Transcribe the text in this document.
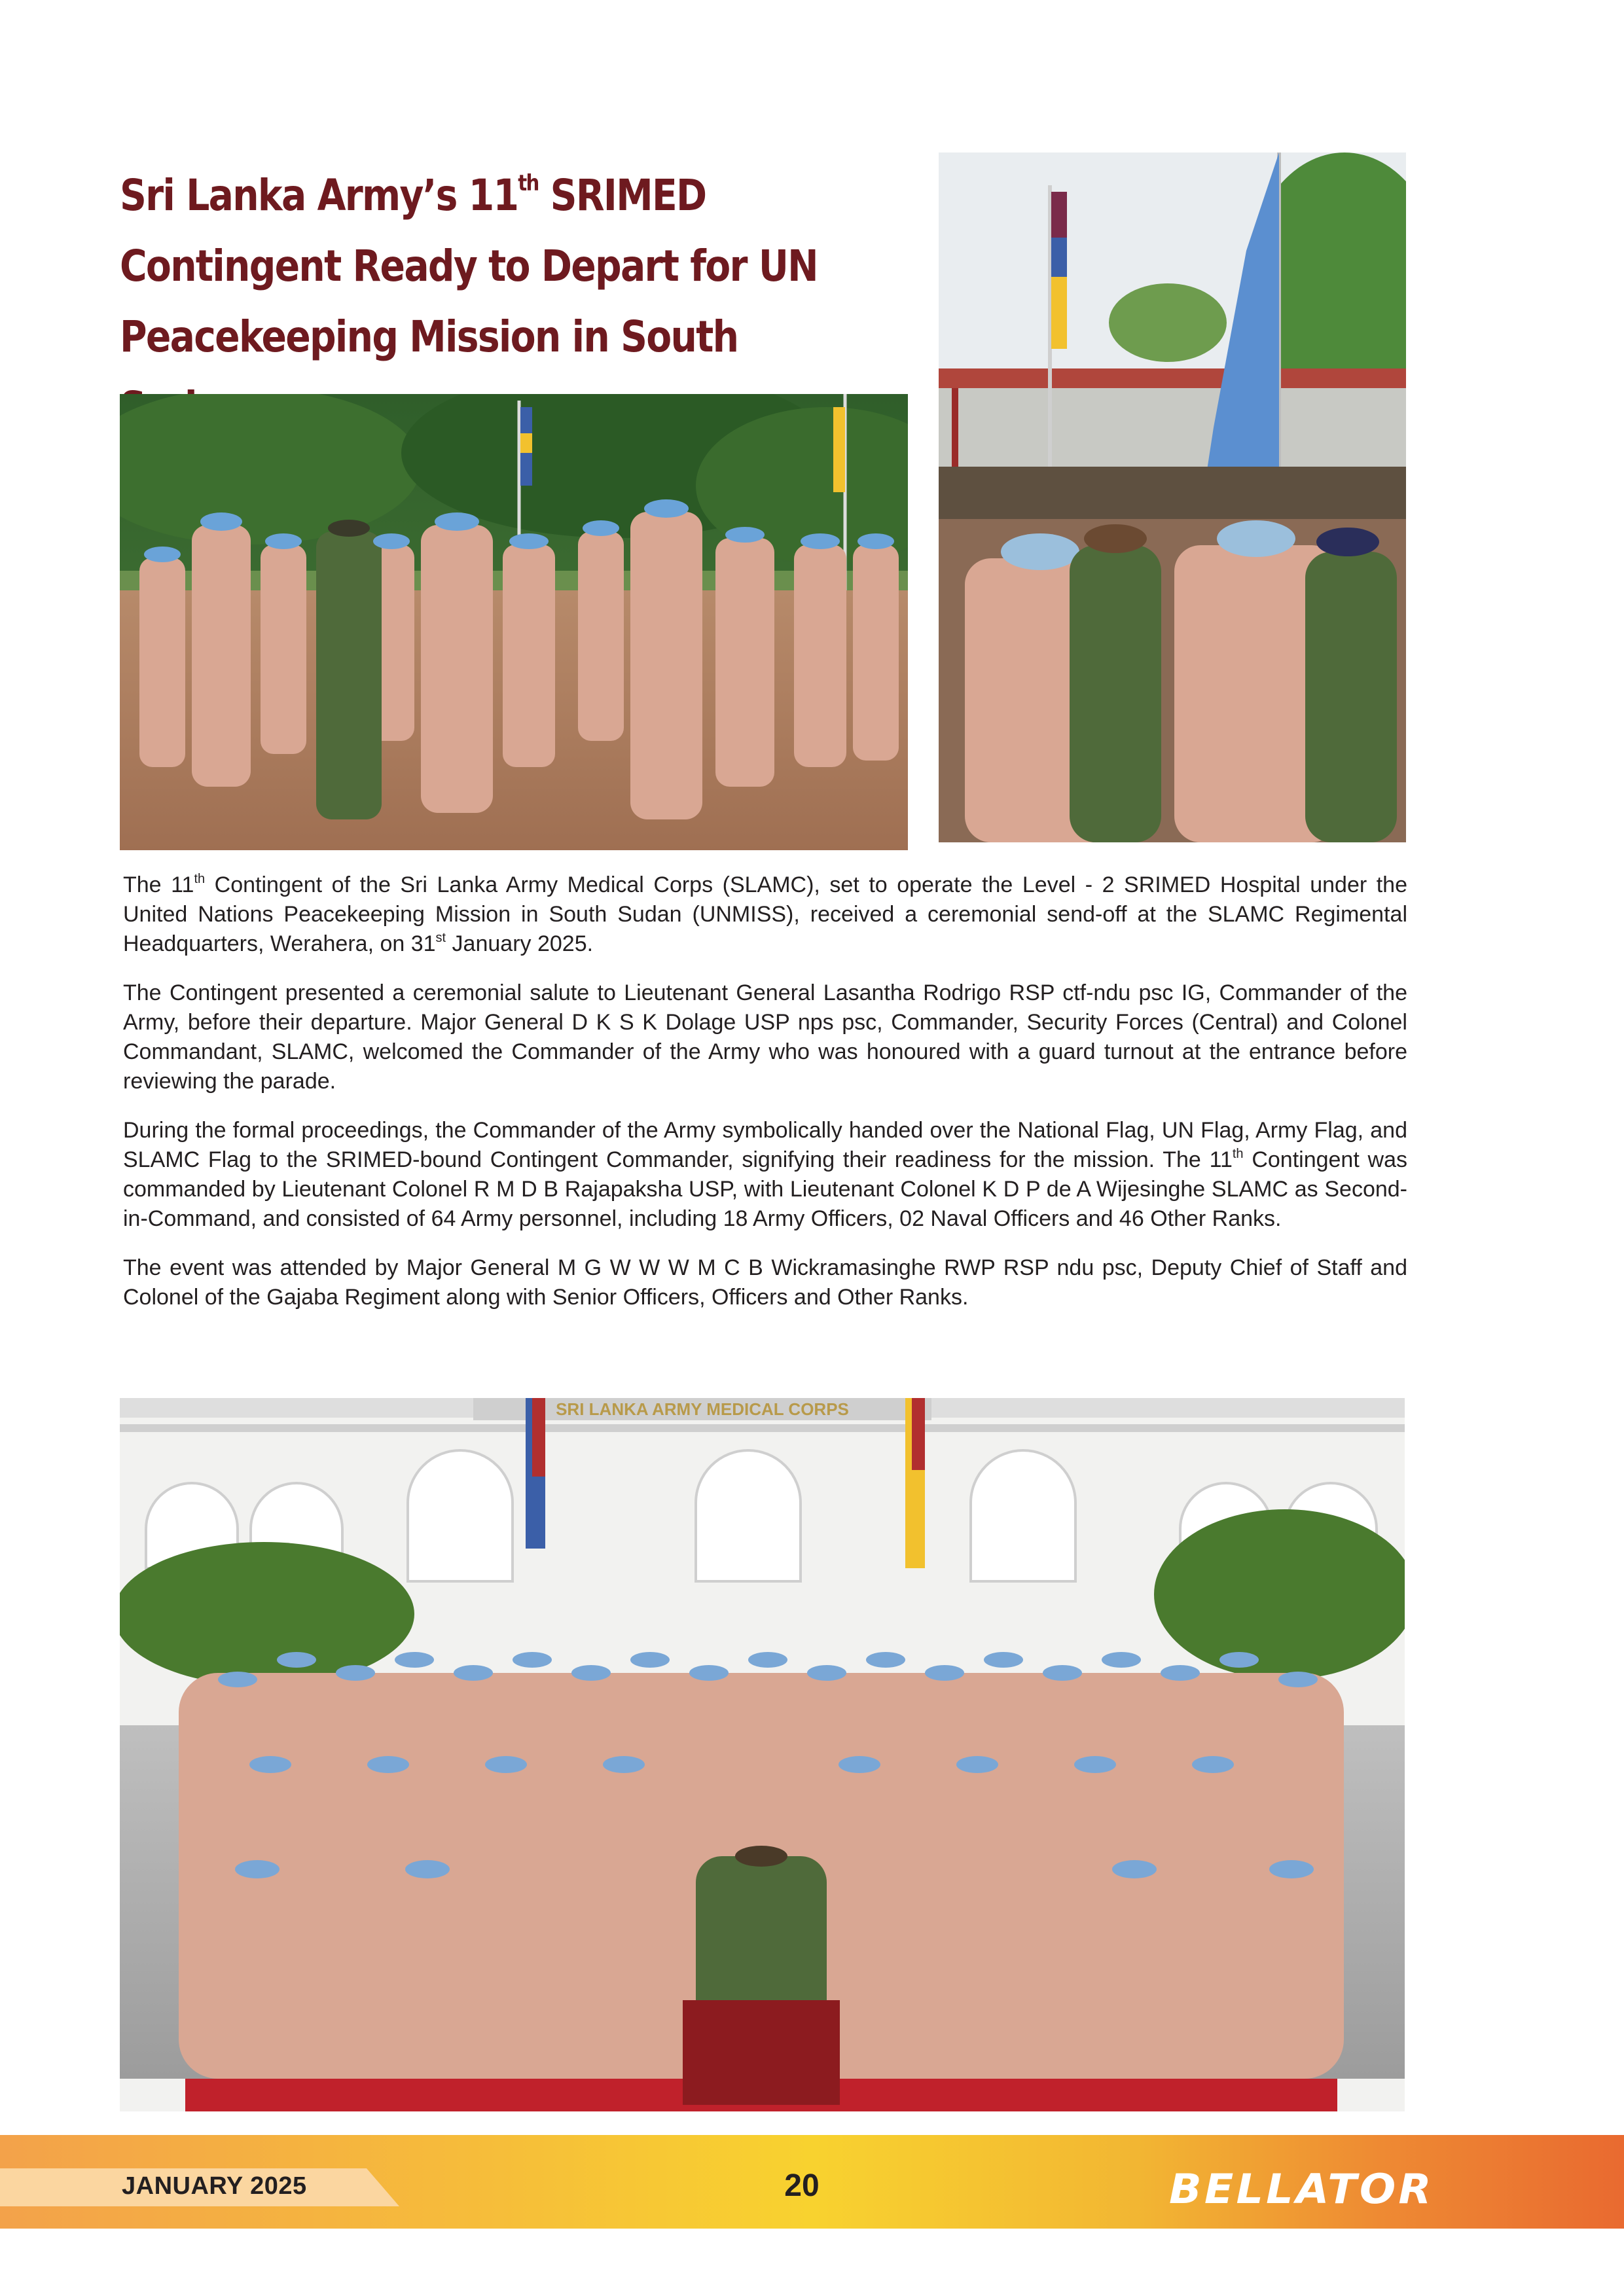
Sri Lanka Army’s 11th SRIMED Contingent Ready to Depart for UN Peacekeeping Mission in South

The 11th Contingent of the Sri Lanka Army Medical Corps (SLAMC), set to operate the Level - 2 SRIMED Hospital under the United Nations Peacekeeping Mission in South Sudan (UNMISS), received a ceremonial send-off at the SLAMC Regimental Headquarters, Werahera, on 31st January 2025.

The Contingent presented a ceremonial salute to Lieutenant General Lasantha Rodrigo RSP ctf-ndu psc IG, Commander of the Army, before their departure. Major General D K S K Dolage USP nps psc, Commander, Security Forces (Central) and Colonel Commandant, SLAMC, welcomed the Commander of the Army who was honoured with a guard turnout at the entrance before reviewing the parade.

During the formal proceedings, the Commander of the Army symbolically handed over the National Flag, UN Flag, Army Flag, and SLAMC Flag to the SRIMED-bound Contingent Commander, signifying their readiness for the mission. The 11th Contingent was commanded by Lieutenant Colonel R M D B Rajapaksha USP, with Lieutenant Colonel K D P de A Wijesinghe SLAMC as Second-in-Command, and consisted of 64 Army personnel, including 18 Army Officers, 02 Naval Officers and 46 Other Ranks.

The event was attended by Major General M G W W W M C B Wickramasinghe RWP RSP ndu psc, Deputy Chief of Staff and Colonel of the Gajaba Regiment along with Senior Officers, Officers and Other Ranks.

SRI LANKA ARMY MEDICAL CORPS
JANUARY 2025	20	BELLATOR
